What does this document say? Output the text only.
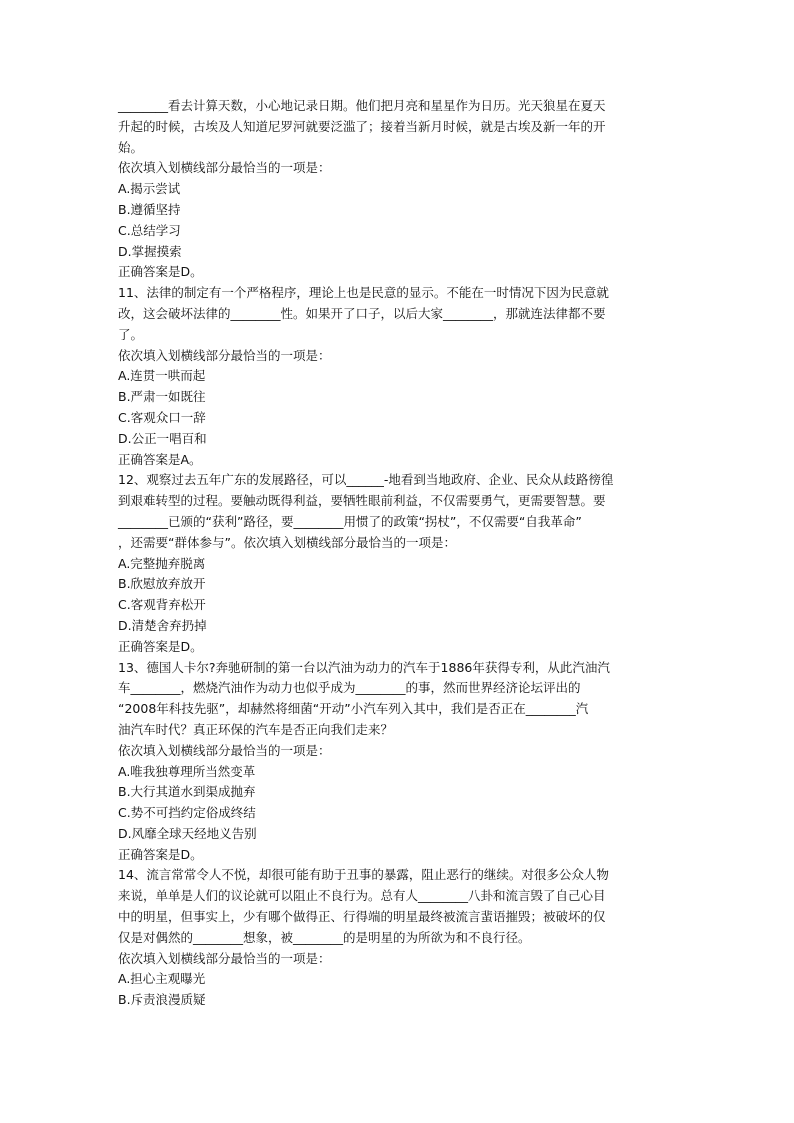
________看去计算天数，小心地记录日期。他们把月亮和星星作为日历。光天狼星在夏天
升起的时候，古埃及人知道尼罗河就要泛滥了；接着当新月时候，就是古埃及新一年的开
始。
依次填入划横线部分最恰当的一项是：
A.揭示尝试
B.遵循坚持
C.总结学习
D.掌握摸索
正确答案是D。
11、法律的制定有一个严格程序，理论上也是民意的显示。不能在一时情况下因为民意就
改，这会破坏法律的________性。如果开了口子，以后大家________，那就连法律都不要
了。
依次填入划横线部分最恰当的一项是：
A.连贯一哄而起
B.严肃一如既往
C.客观众口一辞
D.公正一唱百和
正确答案是A。
12、观察过去五年广东的发展路径，可以______-地看到当地政府、企业、民众从歧路徬徨
到艰难转型的过程。要触动既得利益，要牺牲眼前利益，不仅需要勇气，更需要智慧。要
________已颁的“获利”路径，要________用惯了的政策“拐杖”，不仅需要“自我革命”
，还需要“群体参与”。依次填入划横线部分最恰当的一项是：
A.完整抛弃脱离
B.欣慰放弃放开
C.客观背弃松开
D.清楚舍弃扔掉
正确答案是D。
13、德国人卡尔?奔驰研制的第一台以汽油为动力的汽车于1886年获得专利，从此汽油汽
车________，燃烧汽油作为动力也似乎成为________的事，然而世界经济论坛评出的
“2008年科技先驱”，却赫然将细菌“开动”小汽车列入其中，我们是否正在________汽
油汽车时代？真正环保的汽车是否正向我们走来？
依次填入划横线部分最恰当的一项是：
A.唯我独尊理所当然变革
B.大行其道水到渠成抛弃
C.势不可挡约定俗成终结
D.风靡全球天经地义告别
正确答案是D。
14、流言常常令人不悦，却很可能有助于丑事的暴露，阻止恶行的继续。对很多公众人物
来说，单单是人们的议论就可以阻止不良行为。总有人________八卦和流言毁了自己心目
中的明星，但事实上，少有哪个做得正、行得端的明星最终被流言蜚语摧毁；被破坏的仅
仅是对偶然的________想象，被________的是明星的为所欲为和不良行径。
依次填入划横线部分最恰当的一项是：
A.担心主观曝光
B.斥责浪漫质疑
